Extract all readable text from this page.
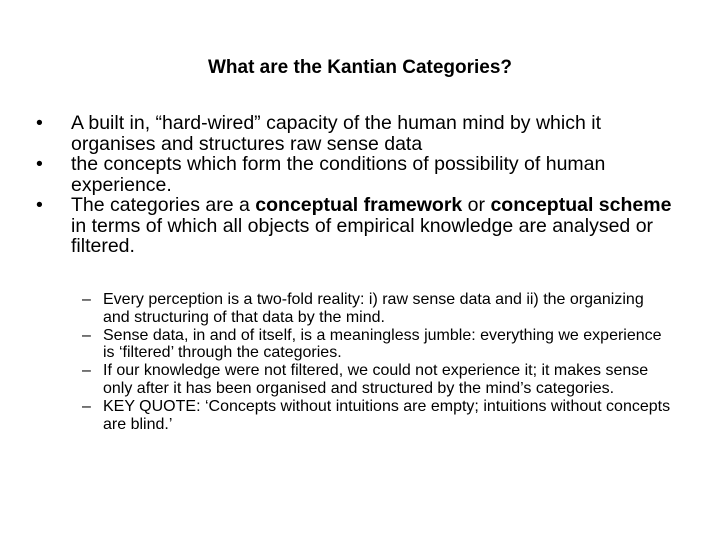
What are the Kantian Categories?
•	A built in, “hard-wired” capacity of the human mind by which it organises and structures raw sense data
•	the concepts which form the conditions of possibility of human experience.
•	The categories are a conceptual framework or conceptual scheme in terms of which all objects of empirical knowledge are analysed or filtered.
– Every perception is a two-fold reality: i) raw sense data and ii) the organizing and structuring of that data by the mind.
– Sense data, in and of itself, is a meaningless jumble: everything we experience is ‘filtered’ through the categories.
– If our knowledge were not filtered, we could not experience it; it makes sense only after it has been organised and structured by the mind’s categories.
– KEY QUOTE: ‘Concepts without intuitions are empty; intuitions without concepts are blind.’
